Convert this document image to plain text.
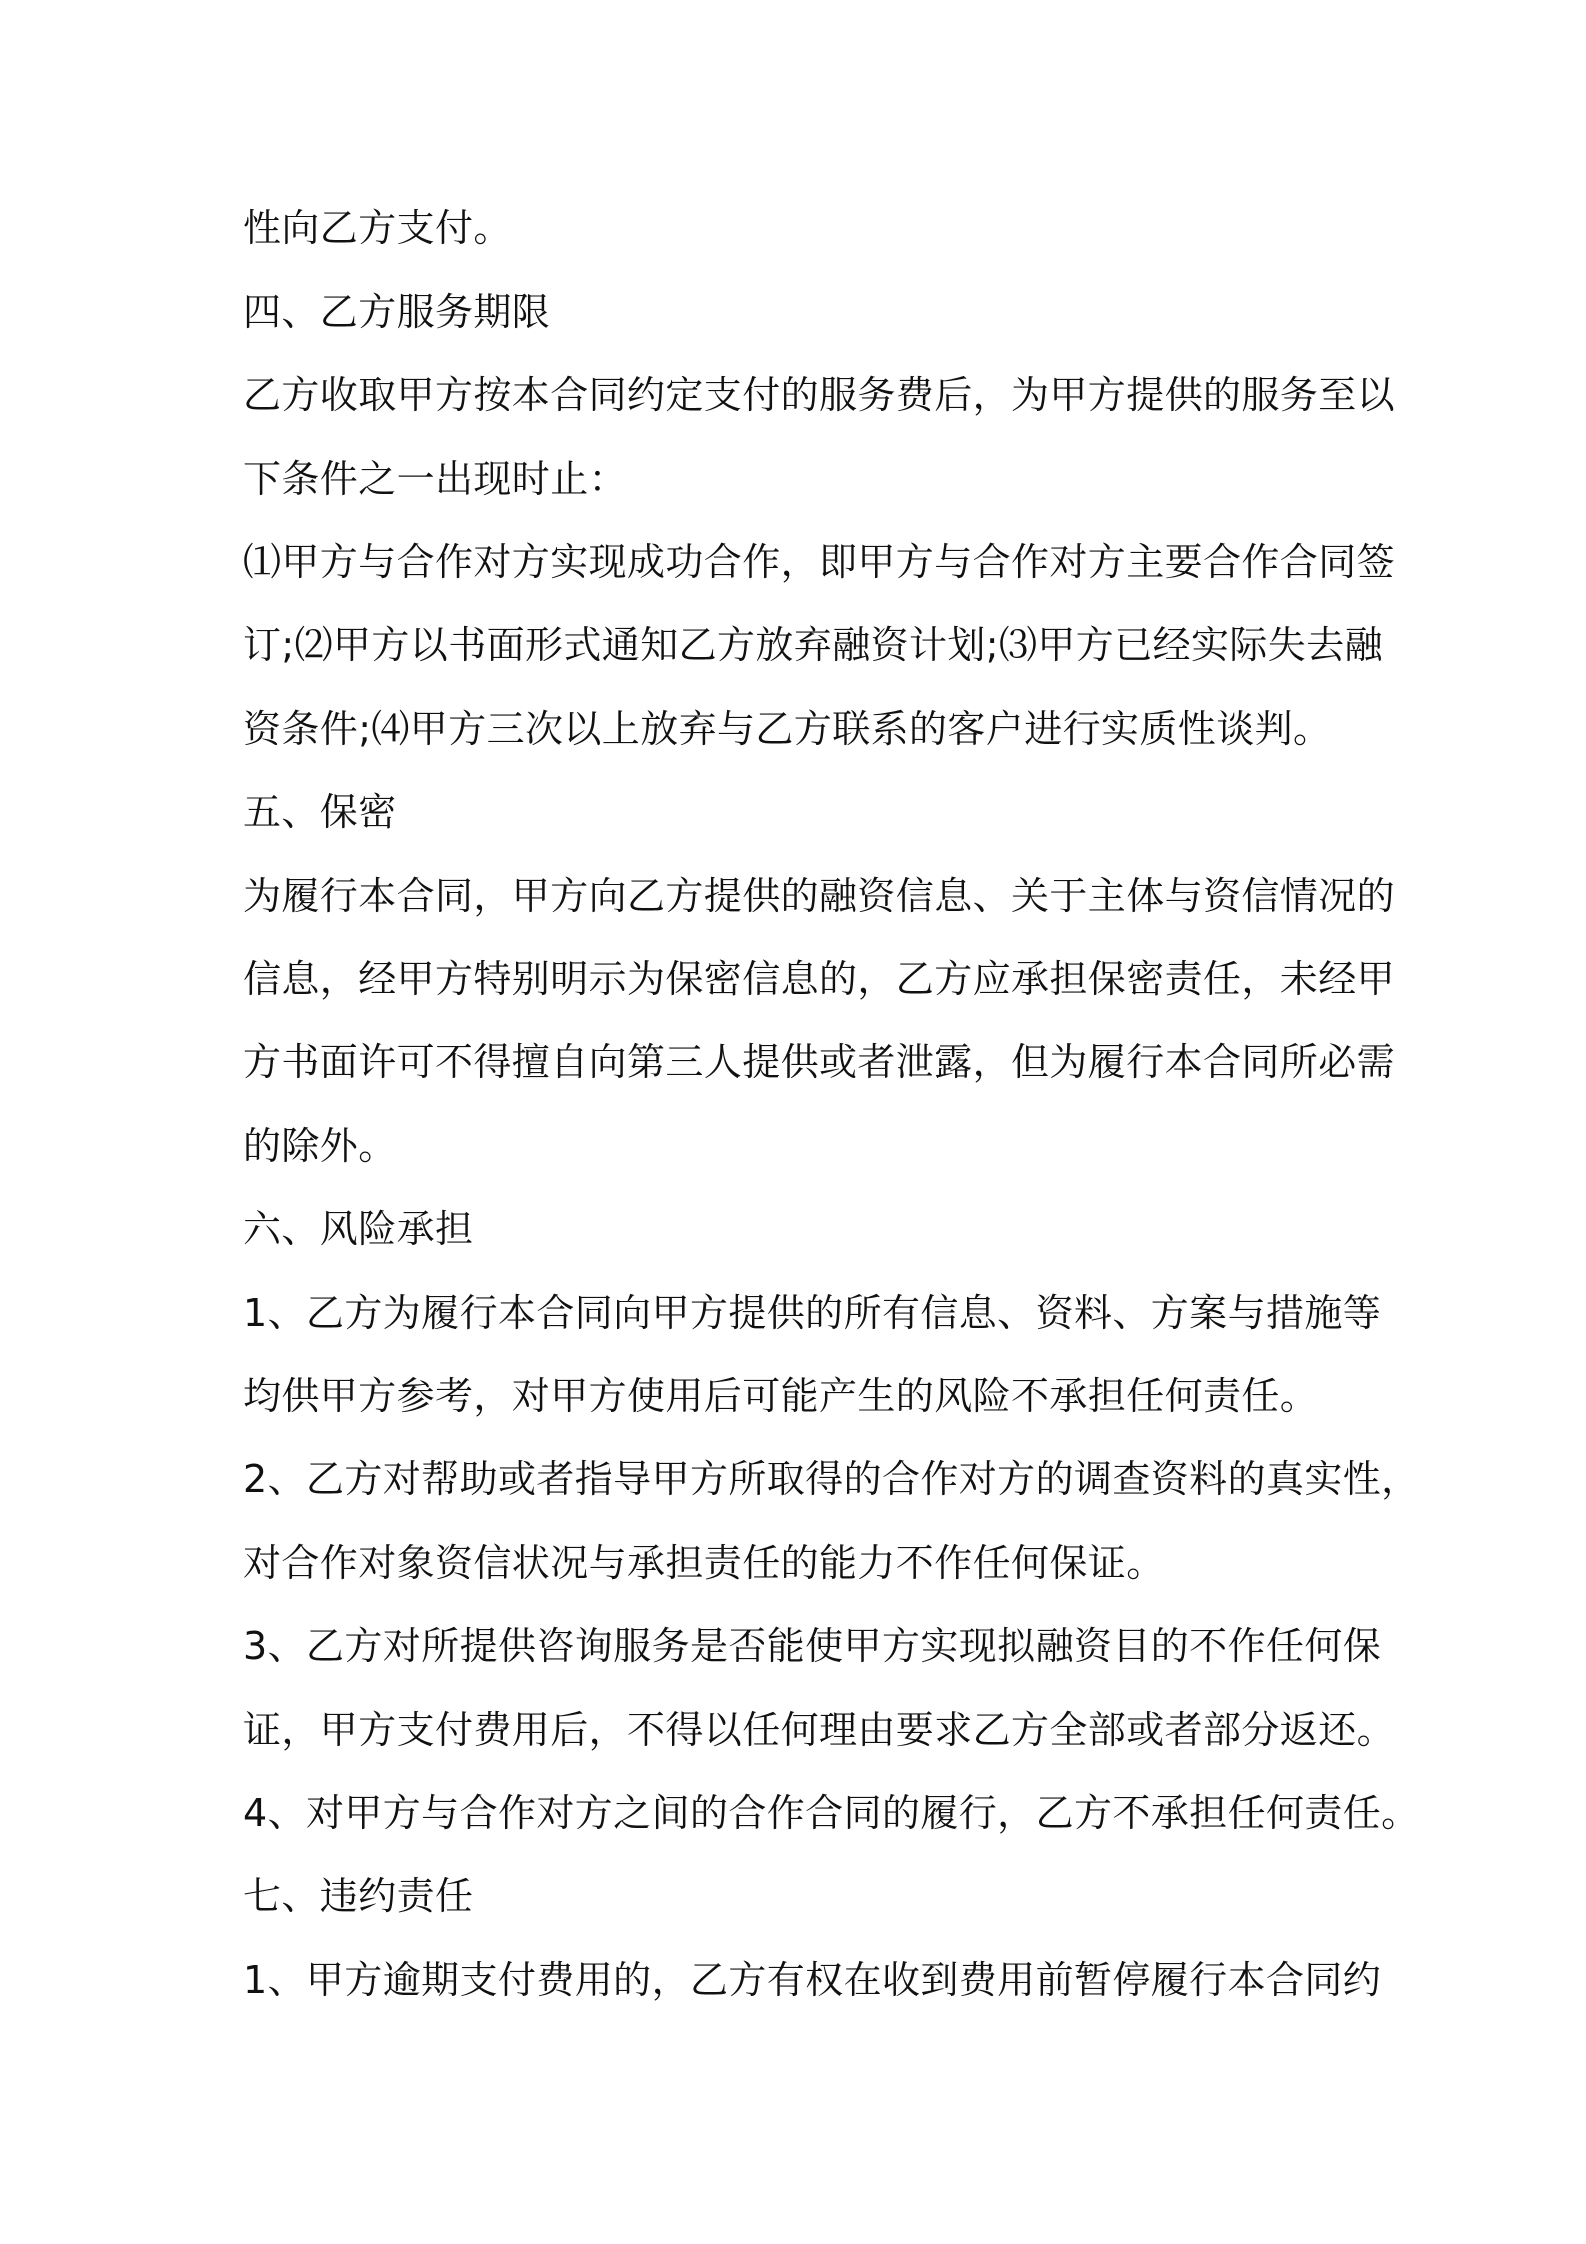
性向乙方支付。
四、乙方服务期限
乙方收取甲方按本合同约定支付的服务费后，为甲方提供的服务至以
下条件之一出现时止：
⑴甲方与合作对方实现成功合作，即甲方与合作对方主要合作合同签
订;⑵甲方以书面形式通知乙方放弃融资计划;⑶甲方已经实际失去融
资条件;⑷甲方三次以上放弃与乙方联系的客户进行实质性谈判。
五、保密
为履行本合同，甲方向乙方提供的融资信息、关于主体与资信情况的
信息，经甲方特别明示为保密信息的，乙方应承担保密责任，未经甲
方书面许可不得擅自向第三人提供或者泄露，但为履行本合同所必需
的除外。
六、风险承担
1、乙方为履行本合同向甲方提供的所有信息、资料、方案与措施等
均供甲方参考，对甲方使用后可能产生的风险不承担任何责任。
2、乙方对帮助或者指导甲方所取得的合作对方的调查资料的真实性，
对合作对象资信状况与承担责任的能力不作任何保证。
3、乙方对所提供咨询服务是否能使甲方实现拟融资目的不作任何保
证，甲方支付费用后，不得以任何理由要求乙方全部或者部分返还。
4、对甲方与合作对方之间的合作合同的履行，乙方不承担任何责任。
七、违约责任
1、甲方逾期支付费用的，乙方有权在收到费用前暂停履行本合同约
